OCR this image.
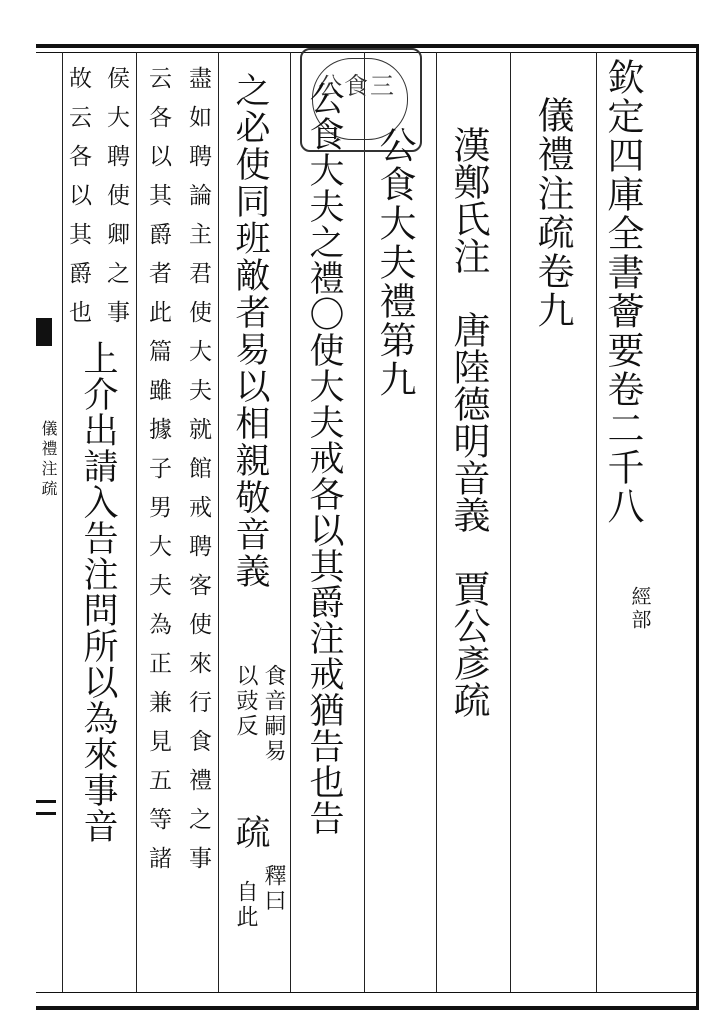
儀禮注疏	欽定四庫全書薈要卷二千八
經部
儀禮注疏卷九
漢鄭氏注　唐陸德明音義　賈公彥疏
公食三
公食大夫禮第九
公食大夫之禮〇使大夫戒各以其爵注戒猶告也告
之必使同班敵者易以相親敬音義
食音嗣易
以豉反
疏
釋曰
自此
盡如聘論主君使大夫就館戒聘客使來行食禮之事
云各以其爵者此篇雖據子男大夫為正兼見五等諸
侯大聘使卿之事
故云各以其爵也
上介出請入告注問所以為來事音
